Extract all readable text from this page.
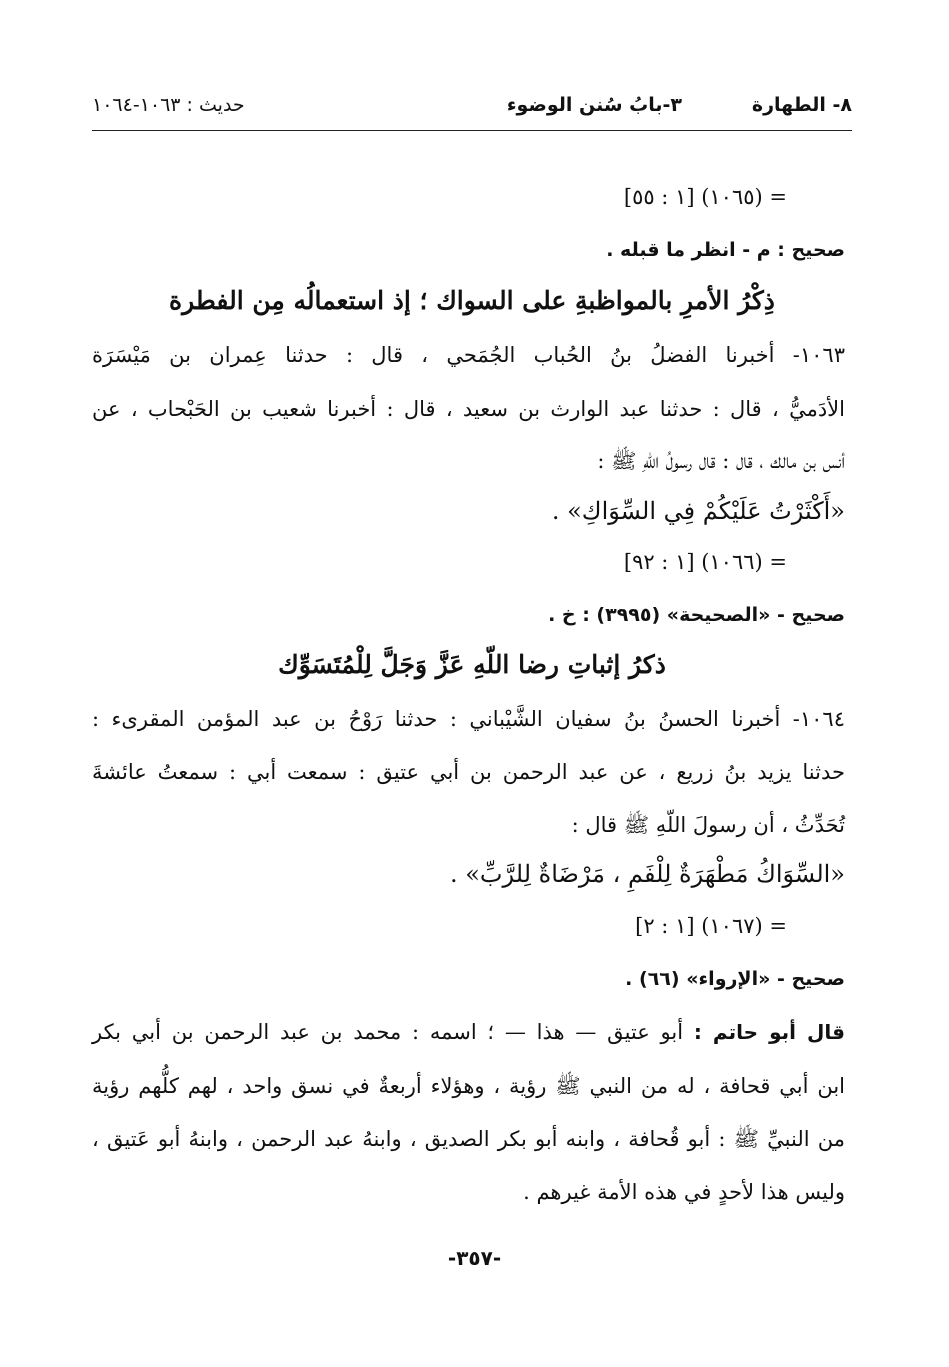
٨- الطهارة
٣-بابُ سُنن الوضوء
حديث : ١٠٦٣-١٠٦٤
= (١٠٦٥) [١ : ٥٥]
صحيح : م - انظر ما قبله .
ذِكْرُ الأمرِ بالمواظبةِ على السواك ؛ إذ استعمالُه مِن الفطرة
١٠٦٣- أخبرنا الفضلُ بنُ الحُباب الجُمَحي ، قال : حدثنا عِمران بن مَيْسَرَة
الأدَميُّ ، قال : حدثنا عبد الوارث بن سعيد ، قال : أخبرنا شعيب بن الحَبْحاب ، عن
أنس بن مالك ، قال : قال رسولُ اللّهِ ﷺ :
«أَكْثَرْتُ عَلَيْكُمْ فِي السِّوَاكِ» .
= (١٠٦٦) [١ : ٩٢]
صحيح - «الصحيحة» (٣٩٩٥) : خ .
ذكرُ إثباتِ رضا اللّهِ عَزَّ وَجَلَّ لِلْمُتَسَوِّك
١٠٦٤- أخبرنا الحسنُ بنُ سفيان الشَّيْباني : حدثنا رَوْحُ بن عبد المؤمن المقرىء :
حدثنا يزيد بنُ زريع ، عن عبد الرحمن بن أبي عتيق : سمعت أبي : سمعتُ عائشةَ
تُحَدِّثُ ، أن رسولَ اللّهِ ﷺ قال :
«السِّوَاكُ مَطْهَرَةٌ لِلْفَمِ ، مَرْضَاةٌ لِلرَّبِّ» .
= (١٠٦٧) [١ : ٢]
صحيح - «الإرواء» (٦٦) .
قال أبو حاتم : أبو عتيق — هذا — ؛ اسمه : محمد بن عبد الرحمن بن أبي بكر
ابن أبي قحافة ، له من النبي ﷺ رؤية ، وهؤلاء أربعةٌ في نسق واحد ، لهم كلُّهم رؤية
من النبيِّ ﷺ : أبو قُحافة ، وابنه أبو بكر الصديق ، وابنهُ عبد الرحمن ، وابنهُ أبو عَتيق ،
وليس هذا لأحدٍ في هذه الأمة غيرهم .
-٣٥٧-
